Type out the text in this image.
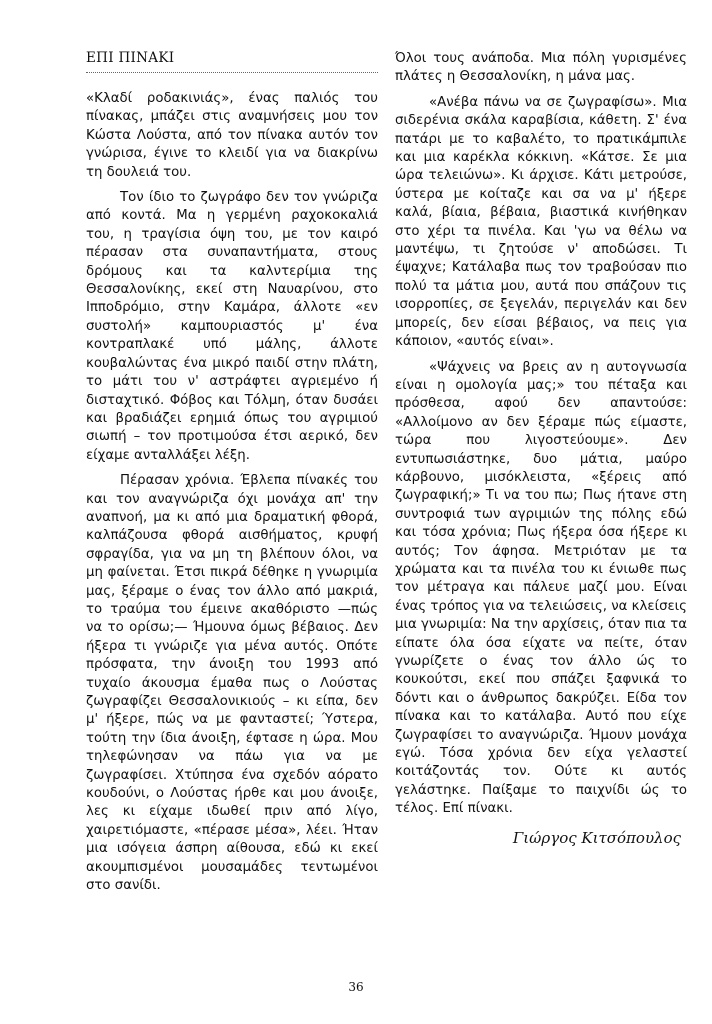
ΕΠΙ ΠΙΝΑΚΙ

«Κλαδί ροδακινιάς», ένας παλιός του πίνακας, μπάζει στις αναμνήσεις μου τον Κώστα Λούστα, από τον πίνακα αυτόν τον γνώρισα, έγινε το κλειδί για να διακρίνω τη δουλειά του.

Τον ίδιο το ζωγράφο δεν τον γνώριζα από κοντά. Μα η γερμένη ραχοκοκαλιά του, η τραγίσια όψη του, με τον καιρό πέρασαν στα συναπαντήματα, στους δρόμους και τα καλντερίμια της Θεσσαλονίκης, εκεί στη Ναυαρίνου, στο Ιπποδρόμιο, στην Καμάρα, άλλοτε «εν συστολή» καμπουριαστός μ' ένα κοντραπλακέ υπό μάλης, άλλοτε κουβαλώντας ένα μικρό παιδί στην πλάτη, το μάτι του ν' αστράφτει αγριεμένο ή δισταχτικό. Φόβος και Τόλμη, όταν δυσάει και βραδιάζει ερημιά όπως του αγριμιού σιωπή – τον προτιμούσα έτσι αερικό, δεν είχαμε ανταλλάξει λέξη.

Πέρασαν χρόνια. Έβλεπα πίνακές του και τον αναγνώριζα όχι μονάχα απ' την αναπνοή, μα κι από μια δραματική φθορά, καλπάζουσα φθορά αισθήματος, κρυφή σφραγίδα, για να μη τη βλέπουν όλοι, να μη φαίνεται. Έτσι πικρά δέθηκε η γνωριμία μας, ξέραμε ο ένας τον άλλο από μακριά, το τραύμα του έμεινε ακαθόριστο —πώς να το ορίσω;— Ήμουνα όμως βέβαιος. Δεν ήξερα τι γνώριζε για μένα αυτός. Οπότε πρόσφατα, την άνοιξη του 1993 από τυχαίο άκουσμα έμαθα πως ο Λούστας ζωγραφίζει Θεσσαλονικιούς – κι είπα, δεν μ' ήξερε, πώς να με φανταστεί; Ύστερα, τούτη την ίδια άνοιξη, έφτασε η ώρα. Μου τηλεφώνησαν να πάω για να με ζωγραφίσει. Χτύπησα ένα σχεδόν αόρατο κουδούνι, ο Λούστας ήρθε και μου άνοιξε, λες κι είχαμε ιδωθεί πριν από λίγο, χαιρετιόμαστε, «πέρασε μέσα», λέει. Ήταν μια ισόγεια άσπρη αίθουσα, εδώ κι εκεί ακουμπισμένοι μουσαμάδες τεντωμένοι στο σανίδι.

Όλοι τους ανάποδα. Μια πόλη γυρισμένες πλάτες η Θεσσαλονίκη, η μάνα μας.

«Ανέβα πάνω να σε ζωγραφίσω». Μια σιδερένια σκάλα καραβίσια, κάθετη. Σ' ένα πατάρι με το καβαλέτο, το πρατικάμπιλε και μια καρέκλα κόκκινη. «Κάτσε. Σε μια ώρα τελειώνω». Κι άρχισε. Κάτι μετρούσε, ύστερα με κοίταζε και σα να μ' ήξερε καλά, βίαια, βέβαια, βιαστικά κινήθηκαν στο χέρι τα πινέλα. Και 'γω να θέλω να μαντέψω, τι ζητούσε ν' αποδώσει. Τι έψαχνε; Κατάλαβα πως τον τραβούσαν πιο πολύ τα μάτια μου, αυτά που σπάζουν τις ισορροπίες, σε ξεγελάν, περιγελάν και δεν μπορείς, δεν είσαι βέβαιος, να πεις για κάποιον, «αυτός είναι».

«Ψάχνεις να βρεις αν η αυτογνωσία είναι η ομολογία μας;» του πέταξα και πρόσθεσα, αφού δεν απαντούσε: «Αλλοίμονο αν δεν ξέραμε πώς είμαστε, τώρα που λιγοστεύουμε». Δεν εντυπωσιάστηκε, δυο μάτια, μαύρο κάρβουνο, μισόκλειστα, «ξέρεις από ζωγραφική;» Τι να του πω; Πως ήτανε στη συντροφιά των αγριμιών της πόλης εδώ και τόσα χρόνια; Πως ήξερα όσα ήξερε κι αυτός; Τον άφησα. Μετριόταν με τα χρώματα και τα πινέλα του κι ένιωθε πως τον μέτραγα και πάλευε μαζί μου. Είναι ένας τρόπος για να τελειώσεις, να κλείσεις μια γνωριμία: Να την αρχίσεις, όταν πια τα είπατε όλα όσα είχατε να πείτε, όταν γνωρίζετε ο ένας τον άλλο ώς το κουκούτσι, εκεί που σπάζει ξαφνικά το δόντι και ο άνθρωπος δακρύζει. Είδα τον πίνακα και το κατάλαβα. Αυτό που είχε ζωγραφίσει το αναγνώριζα. Ήμουν μονάχα εγώ. Τόσα χρόνια δεν είχα γελαστεί κοιτάζοντάς τον. Ούτε κι αυτός γελάστηκε. Παίξαμε το παιχνίδι ώς το τέλος. Επί πίνακι.

Γιώργος Κιτσόπουλος
36
